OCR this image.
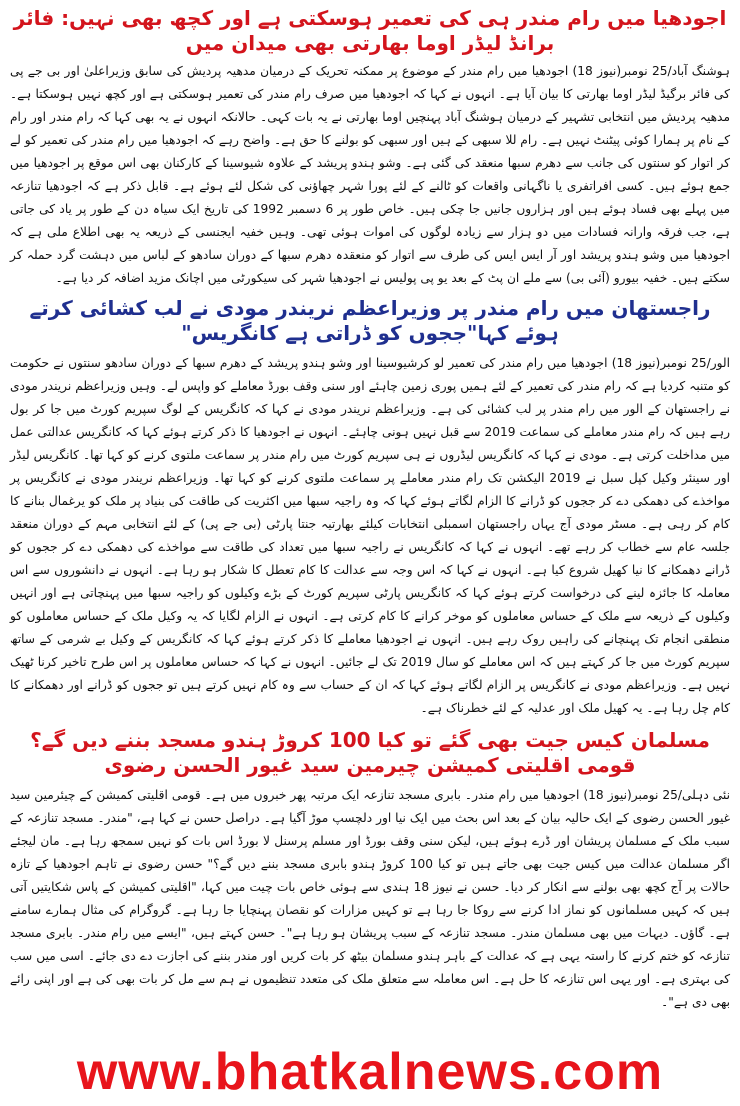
اجودھیا میں رام مندر ہی کی تعمیر ہوسکتی ہے اور کچھ بھی نہیں: فائر برانڈ لیڈر اوما بھارتی بھی میدان میں

ہوشنگ آباد/25 نومبر(نیوز 18) اجودھیا میں رام مندر کے موضوع پر ممکنہ تحریک کے درمیان مدھیہ پردیش کی سابق وزیراعلیٰ اور بی جے پی کی فائر برگیڈ لیڈر اوما بھارتی کا بیان آیا ہے۔ انہوں نے کہا کہ اجودھیا میں صرف رام مندر کی تعمیر ہوسکتی ہے اور کچھ نہیں ہوسکتا ہے۔ مدھیہ پردیش میں انتخابی تشہیر کے درمیان ہوشنگ آباد پہنچیں اوما بھارتی نے یہ بات کہی۔ حالانکہ انہوں نے یہ بھی کہا کہ رام مندر اور رام کے نام پر ہمارا کوئی پیٹنٹ نہیں ہے۔ رام للا سبھی کے ہیں اور سبھی کو بولنے کا حق ہے۔ واضح رہے کہ اجودھیا میں رام مندر کی تعمیر کو لے کر اتوار کو سنتوں کی جانب سے دھرم سبھا منعقد کی گئی ہے۔ وشو ہندو پریشد کے علاوہ شیوسینا کے کارکنان بھی اس موقع پر اجودھیا میں جمع ہوئے ہیں۔ کسی افراتفری یا ناگہانی واقعات کو ٹالنے کے لئے پورا شہر چھاؤنی کی شکل لئے ہوئے ہے۔ قابل ذکر ہے کہ اجودھیا تنازعہ میں پہلے بھی فساد ہوئے ہیں اور ہزاروں جانیں جا چکی ہیں۔ خاص طور پر 6 دسمبر 1992 کی تاریخ ایک سیاہ دن کے طور پر یاد کی جاتی ہے، جب فرقہ وارانہ فسادات میں دو ہزار سے زیادہ لوگوں کی اموات ہوئی تھی۔ وہیں خفیہ ایجنسی کے ذریعہ یہ بھی اطلاع ملی ہے کہ اجودھیا میں وشو ہندو پریشد اور آر ایس ایس کی طرف سے اتوار کو منعقدہ دھرم سبھا کے دوران سادھو کے لباس میں دہشت گرد حملہ کر سکتے ہیں۔ خفیہ بیورو (آئی بی) سے ملے ان پٹ کے بعد یو پی پولیس نے اجودھیا شہر کی سیکورٹی میں اچانک مزید اضافہ کر دیا ہے۔

راجستھان میں رام مندر پر وزیراعظم نریندر مودی نے لب کشائی کرتے ہوئے کہا"ججوں کو ڈراتی ہے کانگریس"

الور/25 نومبر(نیوز 18) اجودھیا میں رام مندر کی تعمیر لو کرشیوسینا اور وشو ہندو پریشد کے دھرم سبھا کے دوران سادھو سنتوں نے حکومت کو متنبہ کردیا ہے کہ رام مندر کی تعمیر کے لئے ہمیں پوری زمین چاہئے اور سنی وقف بورڈ معاملے کو واپس لے۔ وہیں وزیراعظم نریندر مودی نے راجستھان کے الور میں رام مندر پر لب کشائی کی ہے۔ وزیراعظم نریندر مودی نے کہا کہ کانگریس کے لوگ سپریم کورٹ میں جا کر بول رہے ہیں کہ رام مندر معاملے کی سماعت 2019 سے قبل نہیں ہونی چاہئے۔ انہوں نے اجودھیا کا ذکر کرتے ہوئے کہا کہ کانگریس عدالتی عمل میں مداخلت کرتی ہے۔ مودی نے کہا کہ کانگریس لیڈروں نے ہی سپریم کورٹ میں رام مندر پر سماعت ملتوی کرنے کو کہا تھا۔ کانگریس لیڈر اور سینئر وکیل کپل سبل نے 2019 الیکشن تک رام مندر معاملے پر سماعت ملتوی کرنے کو کہا تھا۔ وزیراعظم نریندر مودی نے کانگریس پر مواخذے کی دھمکی دے کر ججوں کو ڈرانے کا الزام لگاتے ہوئے کہا کہ وہ راجیہ سبھا میں اکثریت کی طاقت کی بنیاد پر ملک کو یرغمال بنانے کا کام کر رہی ہے۔ مسٹر مودی آج یہاں راجستھان اسمبلی انتخابات کیلئے بھارتیہ جنتا پارٹی (بی جے پی) کے لئے انتخابی مہم کے دوران منعقد جلسہ عام سے خطاب کر رہے تھے۔ انہوں نے کہا کہ کانگریس نے راجیہ سبھا میں تعداد کی طاقت سے مواخذے کی دھمکی دے کر ججوں کو ڈرانے دھمکانے کا نیا کھیل شروع کیا ہے۔ انہوں نے کہا کہ اس وجہ سے عدالت کا کام تعطل کا شکار ہو رہا ہے۔ انہوں نے دانشوروں سے اس معاملہ کا جائزہ لینے کی درخواست کرتے ہوئے کہا کہ کانگریس پارٹی سپریم کورٹ کے بڑے وکیلوں کو راجیہ سبھا میں پہنچاتی ہے اور انہیں وکیلوں کے ذریعہ سے ملک کے حساس معاملوں کو موخر کرانے کا کام کرتی ہے۔ انہوں نے الزام لگایا کہ یہ وکیل ملک کے حساس معاملوں کو منطقی انجام تک پہنچانے کی راہیں روک رہے ہیں۔ انہوں نے اجودھیا معاملے کا ذکر کرتے ہوئے کہا کہ کانگریس کے وکیل بے شرمی کے ساتھ سپریم کورٹ میں جا کر کہتے ہیں کہ اس معاملے کو سال 2019 تک لے جائیں۔ انہوں نے کہا کہ حساس معاملوں پر اس طرح تاخیر کرنا ٹھیک نہیں ہے۔ وزیراعظم مودی نے کانگریس پر الزام لگاتے ہوئے کہا کہ ان کے حساب سے وہ کام نہیں کرتے ہیں تو ججوں کو ڈرانے اور دھمکانے کا کام چل رہا ہے۔ یہ کھیل ملک اور عدلیہ کے لئے خطرناک ہے۔

مسلمان کیس جیت بھی گئے تو کیا 100 کروڑ ہندو مسجد بننے دیں گے؟ قومی اقلیتی کمیشن چیرمین سید غیور الحسن رضوی

نئی دہلی/25 نومبر(نیوز 18) اجودھیا میں رام مندر۔ بابری مسجد تنازعہ ایک مرتبہ پھر خبروں میں ہے۔ قومی اقلیتی کمیشن کے چیئرمین سید غیور الحسن رضوی کے ایک حالیہ بیان کے بعد اس بحث میں ایک نیا اور دلچسپ موڑ آگیا ہے۔ دراصل حسن نے کہا ہے، "مندر۔ مسجد تنازعہ کے سبب ملک کے مسلمان پریشان اور ڈرے ہوئے ہیں، لیکن سنی وقف بورڈ اور مسلم پرسنل لا بورڈ اس بات کو نہیں سمجھ رہا ہے۔ مان لیجئے اگر مسلمان عدالت میں کیس جیت بھی جاتے ہیں تو کیا 100 کروڑ ہندو بابری مسجد بننے دیں گے؟" حسن رضوی نے تاہم اجودھیا کے تازہ حالات پر آج کچھ بھی بولنے سے انکار کر دیا۔ حسن نے نیوز 18 ہندی سے ہوئی خاص بات چیت میں کہا، "اقلیتی کمیشن کے پاس شکایتیں آتی ہیں کہ کہیں مسلمانوں کو نماز ادا کرنے سے روکا جا رہا ہے تو کہیں مزارات کو نقصان پہنچایا جا رہا ہے۔ گروگرام کی مثال ہمارے سامنے ہے۔ گاؤں۔ دیہات میں بھی مسلمان مندر۔ مسجد تنازعہ کے سبب پریشان ہو رہا ہے"۔ حسن کہتے ہیں، "ایسے میں رام مندر۔ بابری مسجد تنازعہ کو ختم کرنے کا راستہ یہی ہے کہ عدالت کے باہر ہندو مسلمان بیٹھ کر بات کریں اور مندر بننے کی اجازت دے دی جائے۔ اسی میں سب کی بہتری ہے۔ اور یہی اس تنازعہ کا حل ہے۔ اس معاملہ سے متعلق ملک کی متعدد تنظیموں نے ہم سے مل کر بات بھی کی ہے اور اپنی رائے بھی دی ہے"۔

www.bhatkalnews.com
